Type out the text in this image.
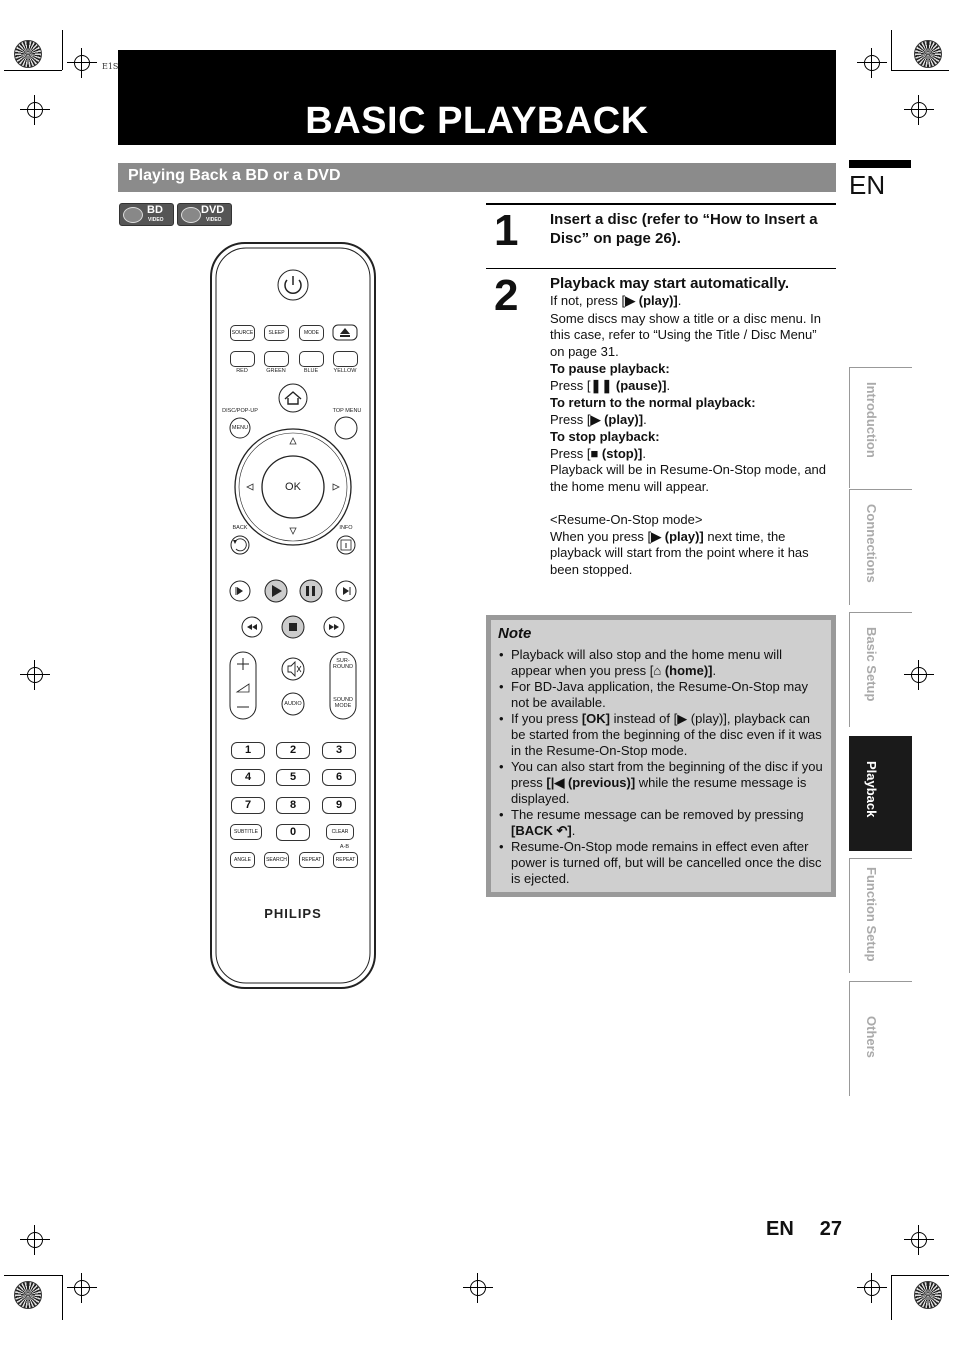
E1S
BASIC PLAYBACK
Playing Back a BD or a DVD
BD
VIDEO
DVD
VIDEO
SOURCE	SLEEP	MODE
RED	GREEN	BLUE	YELLOW
DISC/POP-UP
MENU
TOP MENU
OK
BACK	INFO
SUR-
ROUND
SOUND
MODE
AUDIO
1	2	3
4	5	6
7	8	9
SUBTITLE	0	CLEAR
ANGLE	SEARCH	REPEAT
A-B
REPEAT
PHILIPS
1 Insert a disc (refer to “How to Insert a Disc” on page 26).
2 Playback may start automatically.

If not, press [▶ (play)].

Some discs may show a title or a disc menu. In this case, refer to “Using the Title / Disc Menu” on page 31.

To pause playback:

Press [❚❚ (pause)].

To return to the normal playback:

Press [▶ (play)].

To stop playback:

Press [■ (stop)].

Playback will be in Resume-On-Stop mode, and the home menu will appear.

<Resume-On-Stop mode>

When you press [▶ (play)] next time, the playback will start from the point where it has been stopped.

Note
• Playback will also stop and the home menu will appear when you press [⌂ (home)].
• For BD-Java application, the Resume-On-Stop may not be available.
• If you press [OK] instead of [▶ (play)], playback can be started from the beginning of the disc even if it was in the Resume-On-Stop mode.
• You can also start from the beginning of the disc if you press [|◀ (previous)] while the resume message is displayed.
• The resume message can be removed by pressing [BACK ↶].
• Resume-On-Stop mode remains in effect even after power is turned off, but will be cancelled once the disc is ejected.
EN
Introduction
Connections
Basic Setup
Playback
Function Setup
Others
EN 27
